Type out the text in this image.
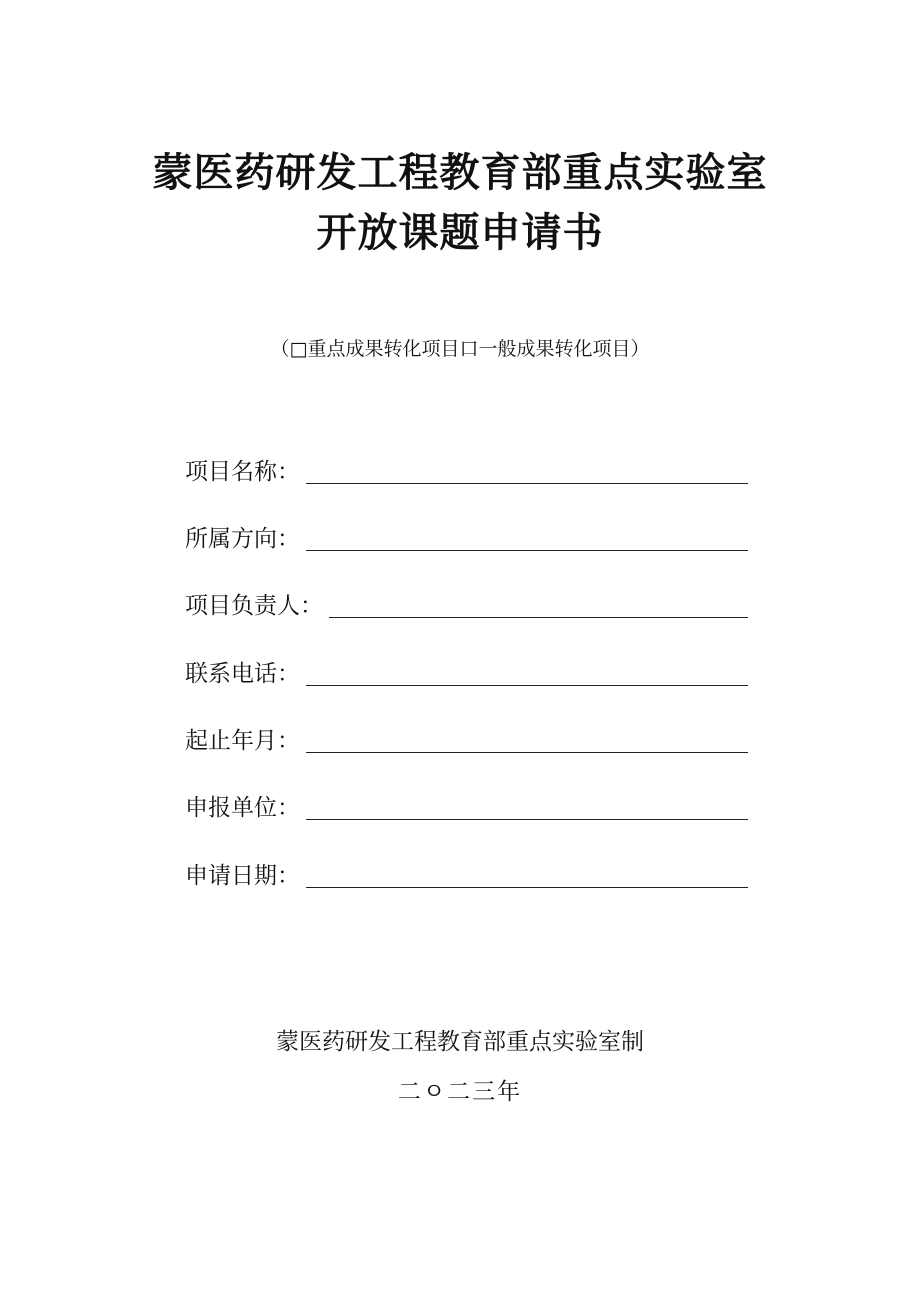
蒙医药研发工程教育部重点实验室
开放课题申请书
（□重点成果转化项目口一般成果转化项目）
项目名称：
所属方向：
项目负责人：
联系电话：
起止年月：
申报单位：
申请日期：
蒙医药研发工程教育部重点实验室制
二ㅇ二三年
